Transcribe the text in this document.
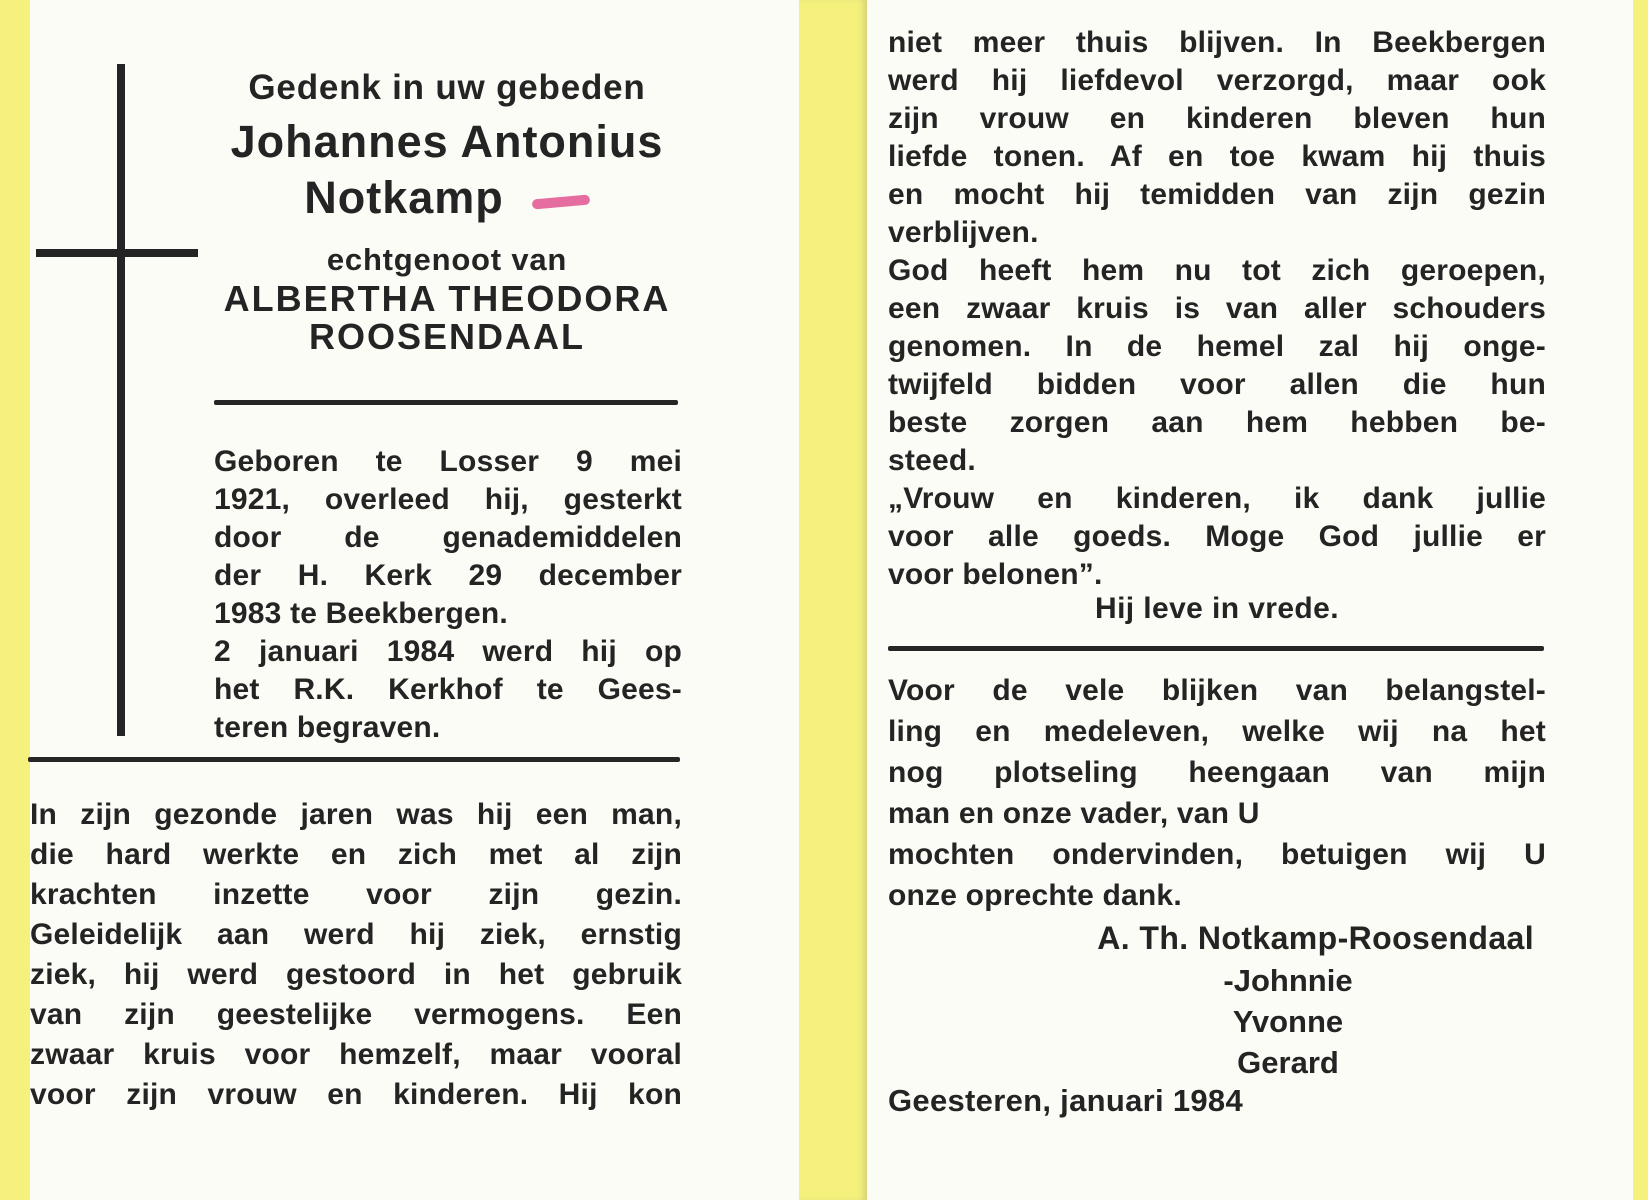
Gedenk in uw gebeden
Johannes Antonius
Notkamp
echtgenoot van
ALBERTHA THEODORA
ROOSENDAAL
Geboren te Losser 9 mei
1921, overleed hij, gesterkt
door de genademiddelen
der H. Kerk 29 december
1983 te Beekbergen.
2 januari 1984 werd hij op
het R.K. Kerkhof te Gees-
teren begraven.
In zijn gezonde jaren was hij een man,
die hard werkte en zich met al zijn
krachten inzette voor zijn gezin.
Geleidelijk aan werd hij ziek, ernstig
ziek, hij werd gestoord in het gebruik
van zijn geestelijke vermogens. Een
zwaar kruis voor hemzelf, maar vooral
voor zijn vrouw en kinderen. Hij kon
niet meer thuis blijven. In Beekbergen
werd hij liefdevol verzorgd, maar ook
zijn vrouw en kinderen bleven hun
liefde tonen. Af en toe kwam hij thuis
en mocht hij temidden van zijn gezin
verblijven.
God heeft hem nu tot zich geroepen,
een zwaar kruis is van aller schouders
genomen. In de hemel zal hij onge-
twijfeld bidden voor allen die hun
beste zorgen aan hem hebben be-
steed.
„Vrouw en kinderen, ik dank jullie
voor alle goeds. Moge God jullie er
voor belonen”.
Hij leve in vrede.
Voor de vele blijken van belangstel-
ling en medeleven, welke wij na het
nog plotseling heengaan van mijn
man en onze vader, van U
mochten ondervinden, betuigen wij U
onze oprechte dank.
A. Th. Notkamp-Roosendaal
-Johnnie
Yvonne
Gerard
Geesteren, januari 1984
